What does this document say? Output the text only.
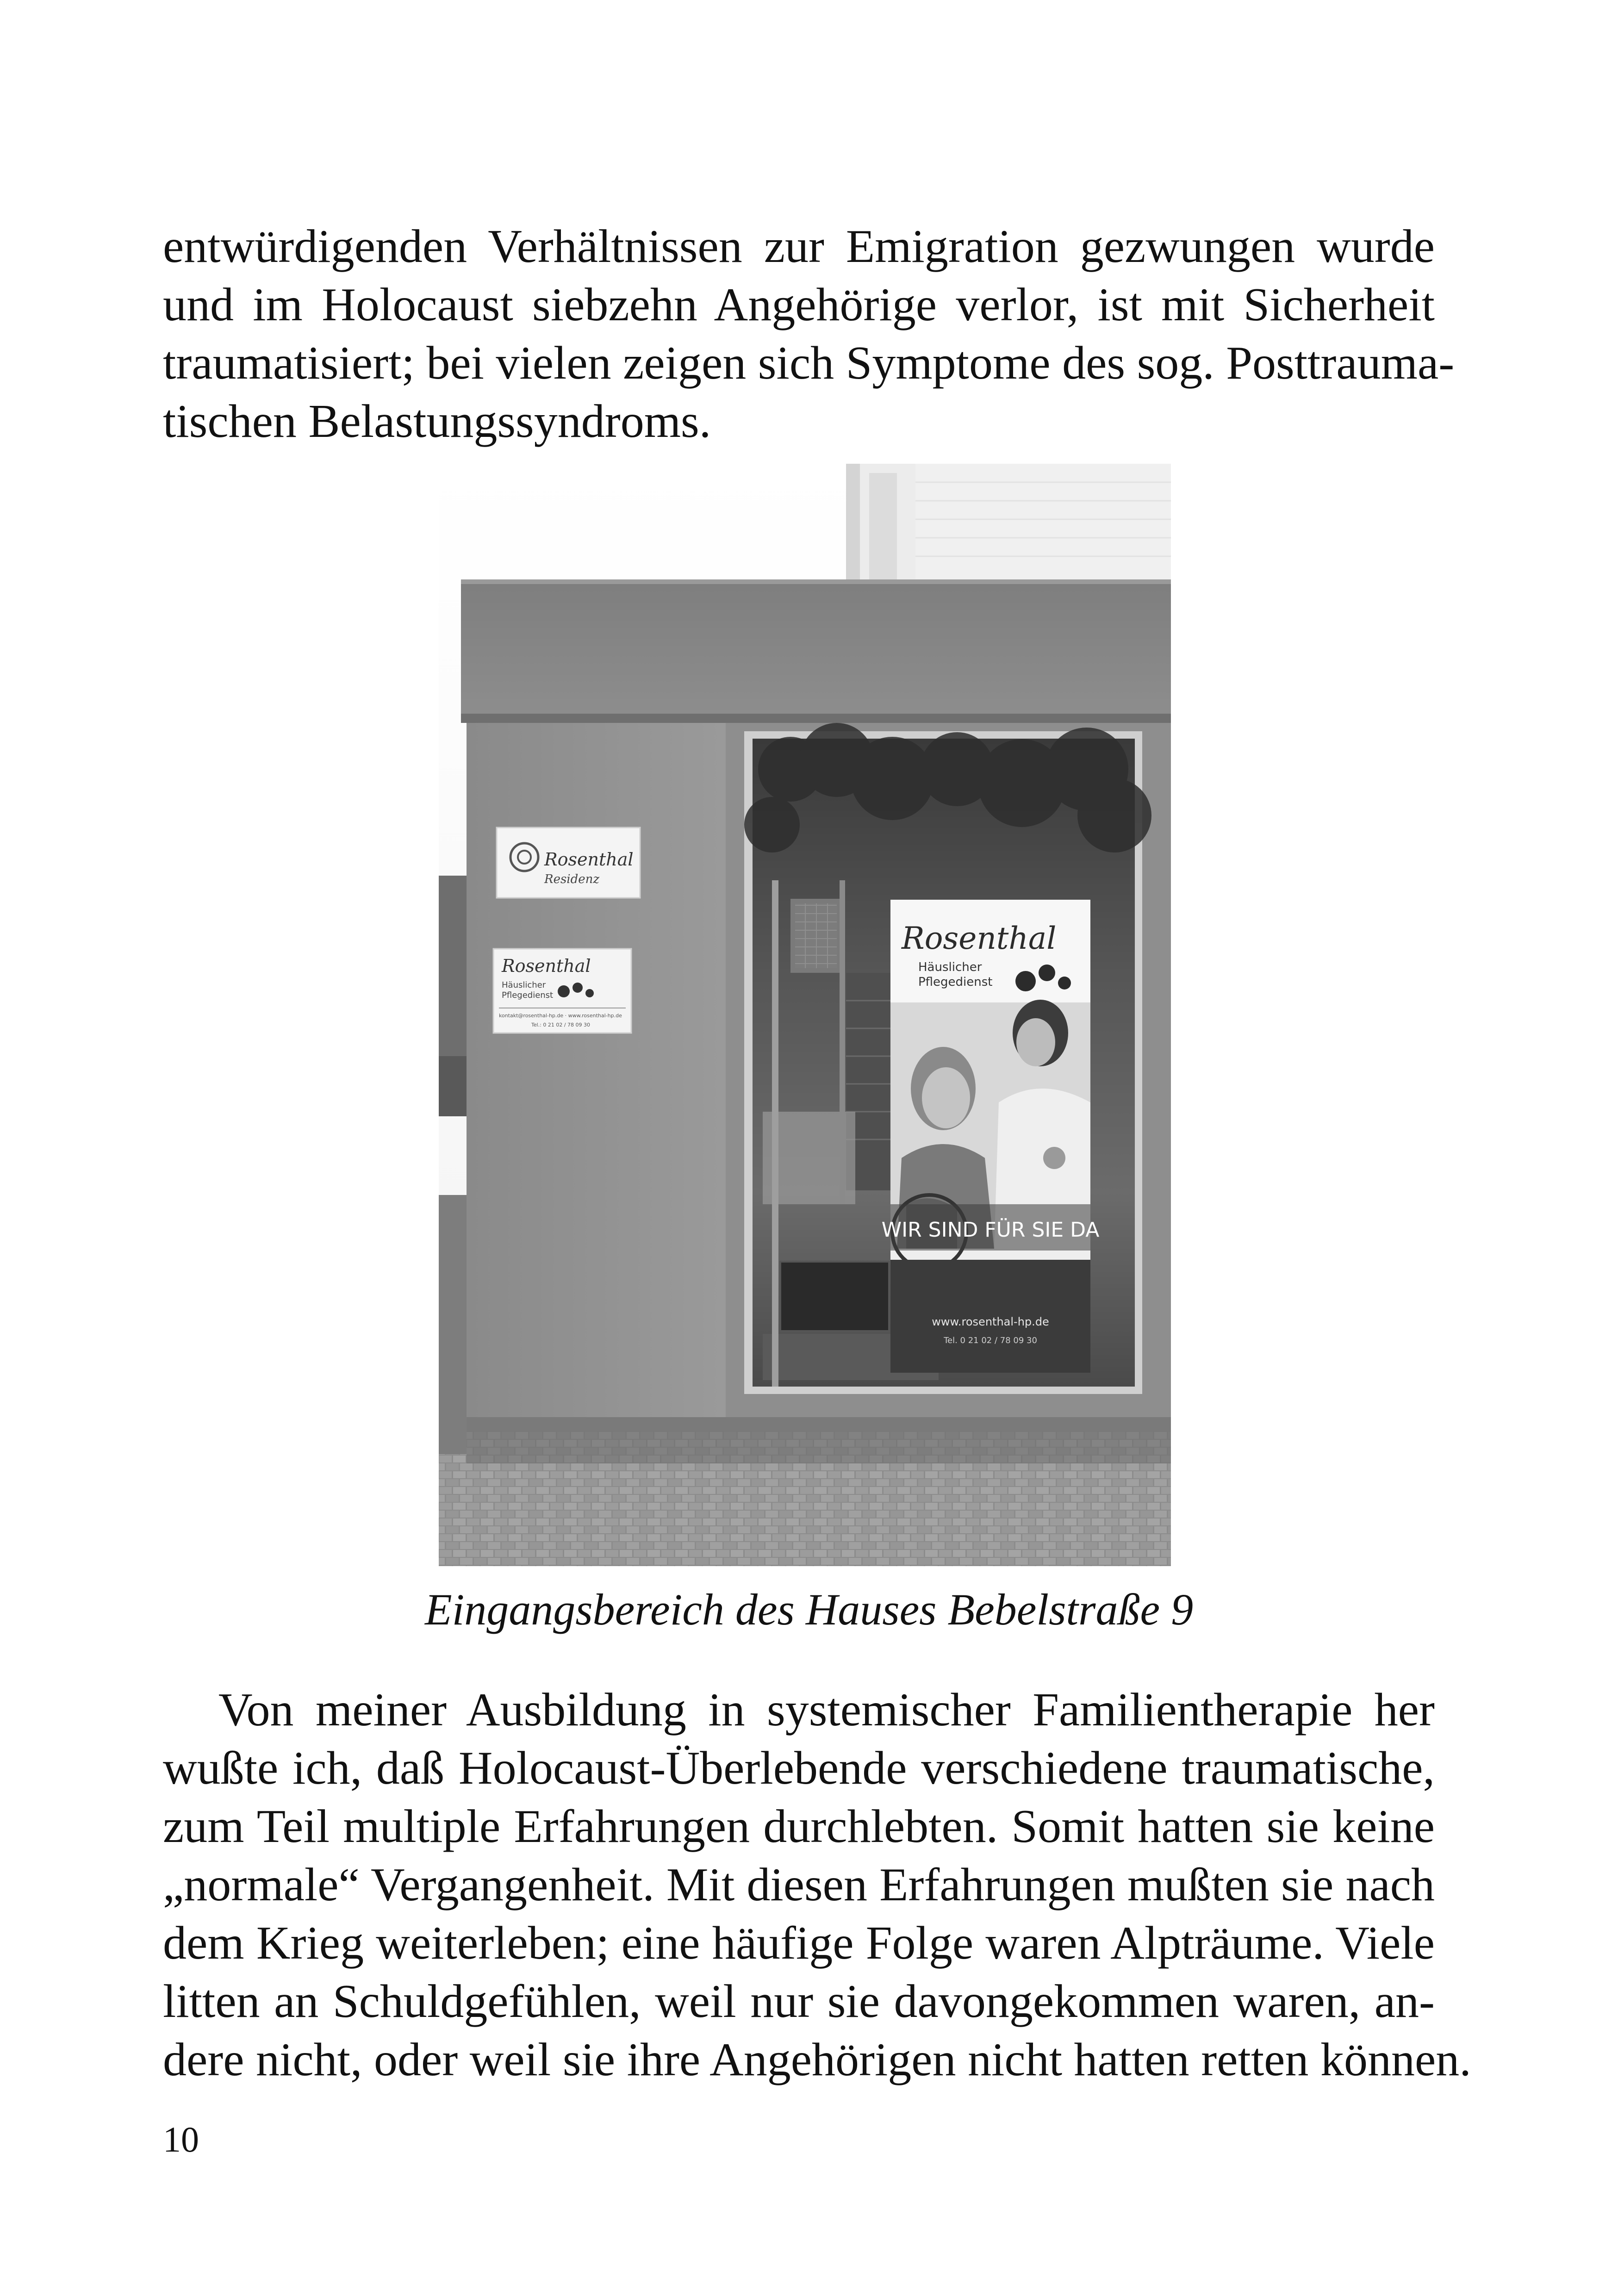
entwürdigenden Verhältnissen zur Emigration gezwungen wurde
und im Holocaust siebzehn Angehörige verlor, ist mit Sicherheit
traumatisiert; bei vielen zeigen sich Symptome des sog. Posttrauma-
tischen Belastungssyndroms.
Rosenthal
Residenz
Rosenthal
Häuslicher
Pflegedienst
kontakt@rosenthal-hp.de · www.rosenthal-hp.de
Tel.: 0 21 02 / 78 09 30
Rosenthal
Häuslicher
Pflegedienst
WIR SIND FÜR SIE DA
www.rosenthal-hp.de
Tel. 0 21 02 / 78 09 30

Eingangsbereich des Hauses Bebelstraße 9

Von meiner Ausbildung in systemischer Familientherapie her
wußte ich, daß Holocaust-Überlebende verschiedene traumatische,
zum Teil multiple Erfahrungen durchlebten. Somit hatten sie keine
„normale“ Vergangenheit. Mit diesen Erfahrungen mußten sie nach
dem Krieg weiterleben; eine häufige Folge waren Alpträume. Viele
litten an Schuldgefühlen, weil nur sie davongekommen waren, an-
dere nicht, oder weil sie ihre Angehörigen nicht hatten retten können.

10
